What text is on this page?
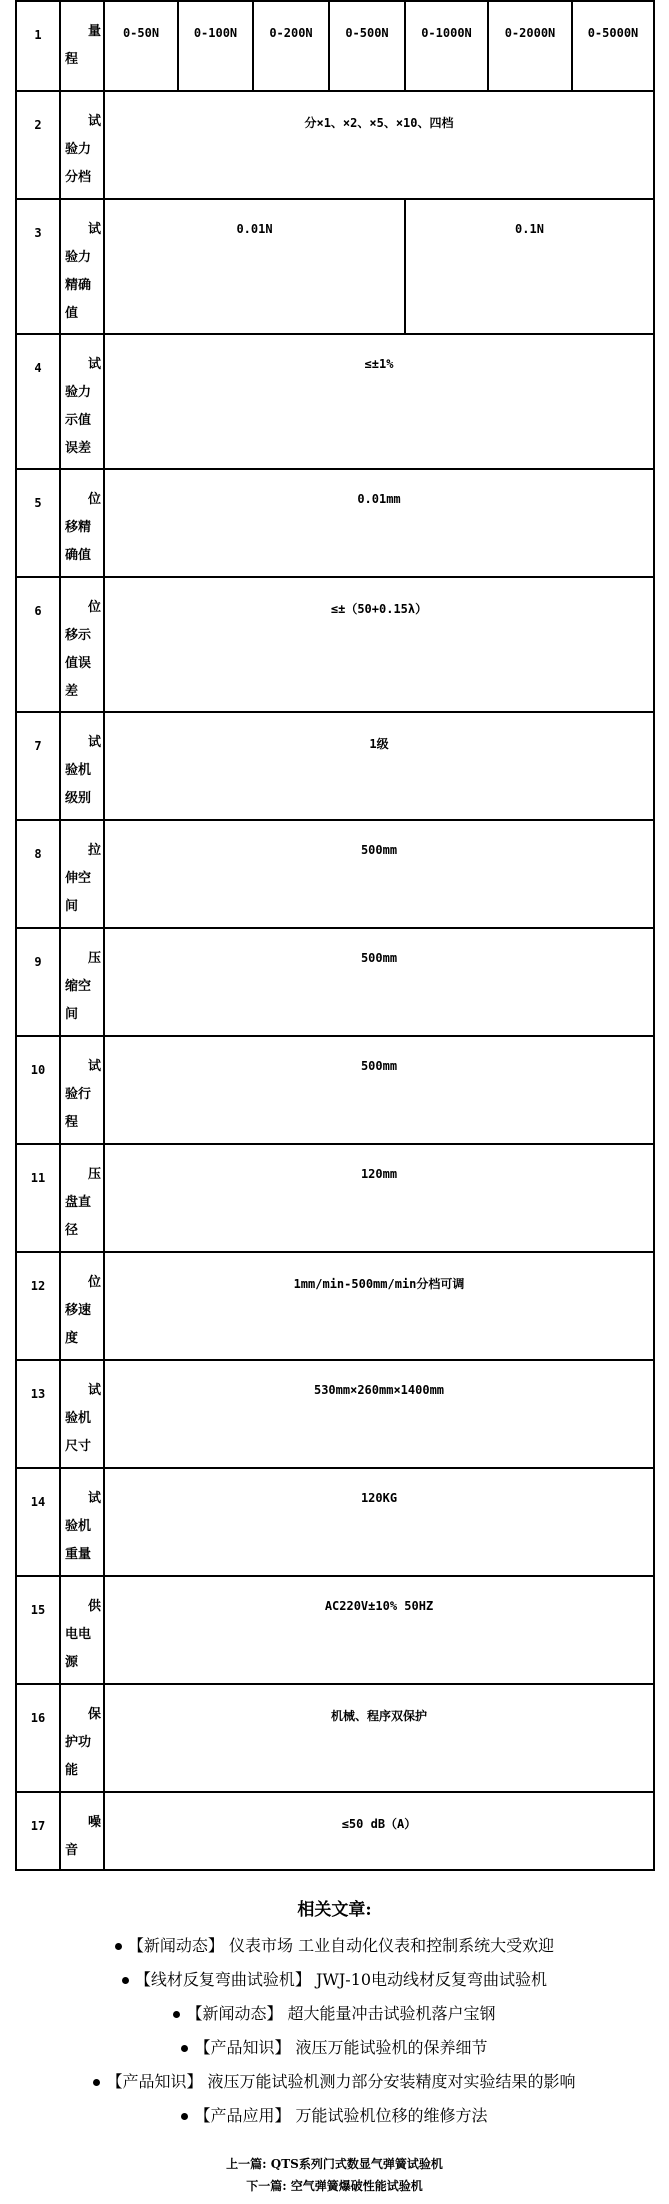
1	量
程	0-50N	0-100N	0-200N	0-500N	0-1000N	0-2000N	0-5000N
2	试
验力
分档	分×1、×2、×5、×10、四档						
3	试
验力
精确
值	0.01N				0.1N		
4	试
验力
示值
误差	≤±1%						
5	位
移精
确值	0.01mm						
6	位
移示
值误
差	≤±（50+0.15λ）						
7	试
验机
级别	1级						
8	拉
伸空
间	500mm						
9	压
缩空
间	500mm						
10	试
验行
程	500mm						
11	压
盘直
径	120mm						
12	位
移速
度	1mm/min-500mm/min分档可调						
13	试
验机
尺寸	530mm×260mm×1400mm						
14	试
验机
重量	120KG						
15	供
电电
源	AC220V±10% 50HZ						
16	保
护功
能	机械、程序双保护						
17	噪
音	≤50 dB（A）						
相关文章:
【新闻动态】 仪表市场 工业自动化仪表和控制系统大受欢迎
【线材反复弯曲试验机】 JWJ-10电动线材反复弯曲试验机
【新闻动态】 超大能量冲击试验机落户宝钢
【产品知识】 液压万能试验机的保养细节
【产品知识】 液压万能试验机测力部分安装精度对实验结果的影响
【产品应用】 万能试验机位移的维修方法
上一篇: QTS系列门式数显气弹簧试验机
下一篇: 空气弹簧爆破性能试验机
